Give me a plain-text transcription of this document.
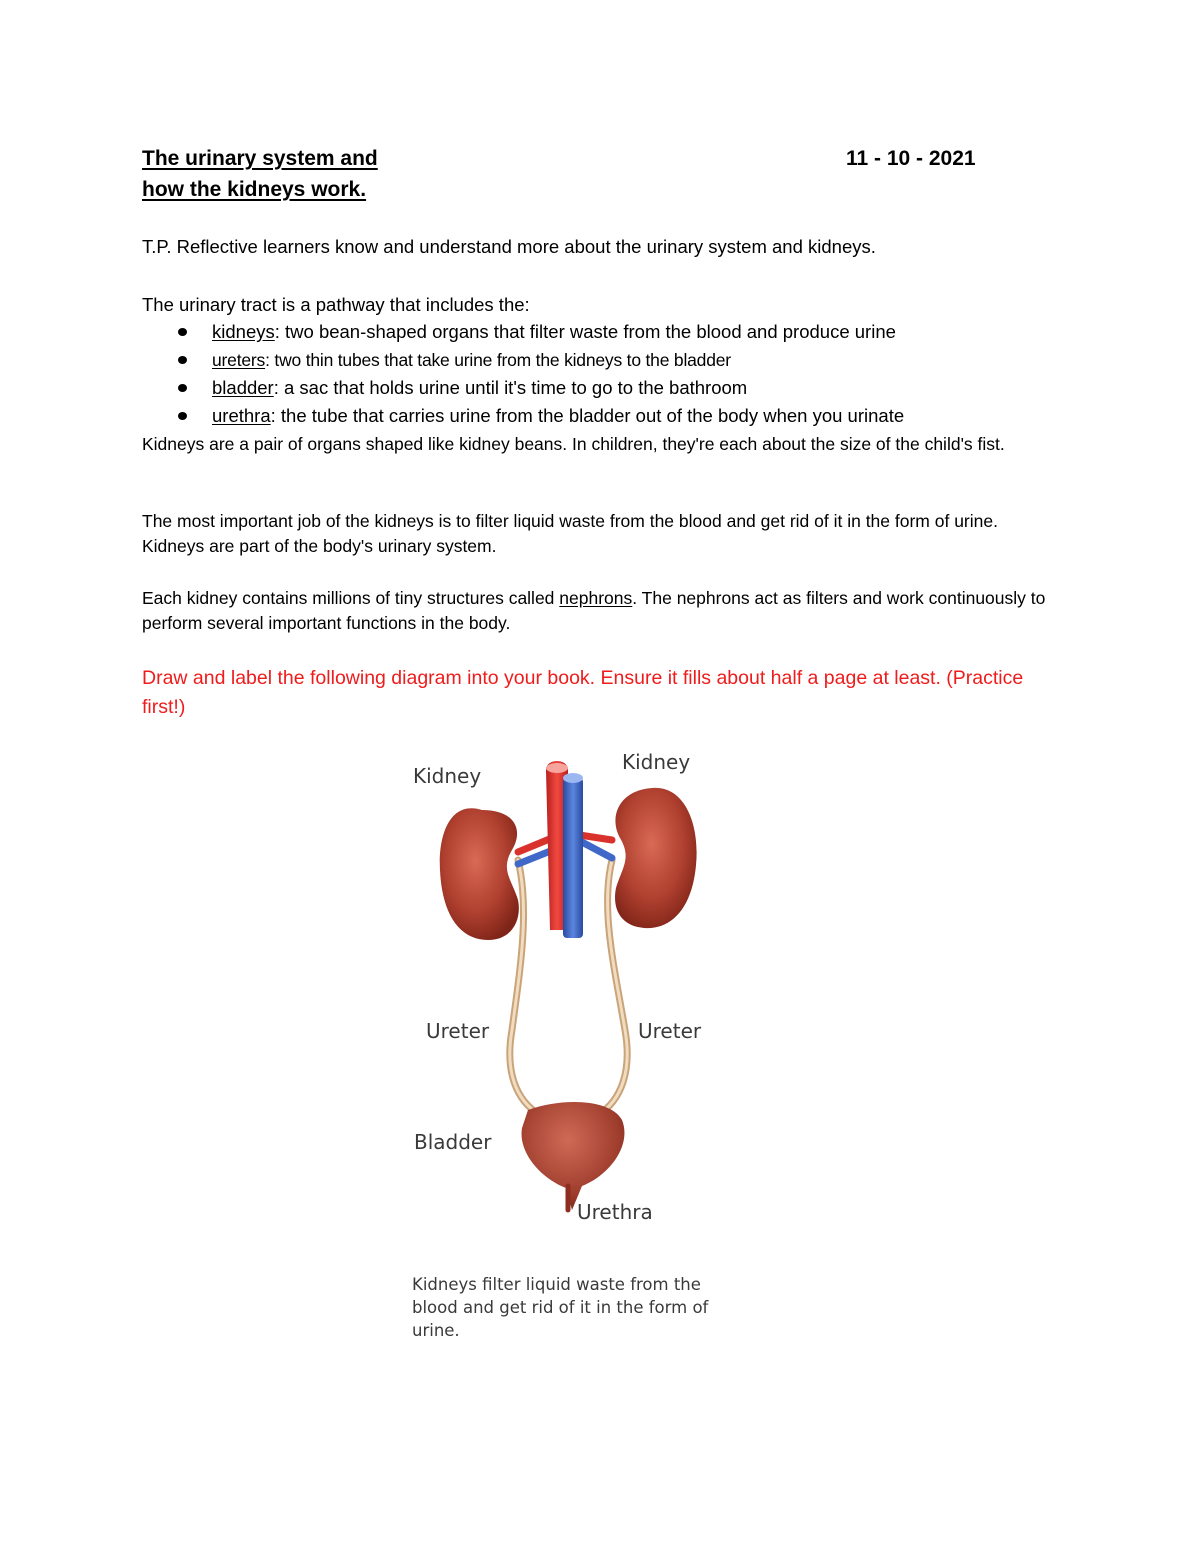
The urinary system and
how the kidneys work.
11 - 10 - 2021

T.P. Reflective learners know and understand more about the urinary system and kidneys.

The urinary tract is a pathway that includes the:

kidneys: two bean-shaped organs that filter waste from the blood and produce urine
ureters: two thin tubes that take urine from the kidneys to the bladder
bladder: a sac that holds urine until it's time to go to the bathroom
urethra: the tube that carries urine from the bladder out of the body when you urinate

Kidneys are a pair of organs shaped like kidney beans. In children, they're each about the size of the child's fist.

The most important job of the kidneys is to filter liquid waste from the blood and get rid of it in the form of urine. Kidneys are part of the body's urinary system.

Each kidney contains millions of tiny structures called nephrons. The nephrons act as filters and work continuously to perform several important functions in the body.

Draw and label the following diagram into your book. Ensure it fills about half a page at least. (Practice first!)
Kidney
Kidney
Ureter	Ureter
Bladder
Urethra
Kidneys filter liquid waste from the blood and get rid of it in the form of urine.
